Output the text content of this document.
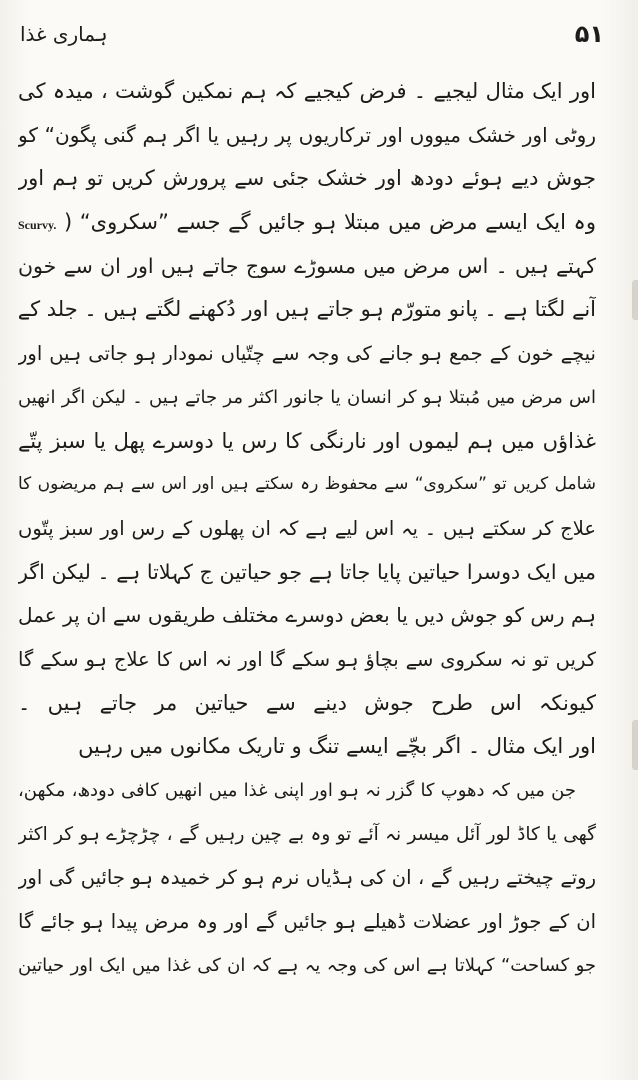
۵۱
ہماری غذا
اور ایک مثال لیجیے ۔ فرض کیجیے کہ ہم نمکین گوشت ، میدہ کی
روٹی اور خشک میووں اور ترکاریوں پر رہیں یا اگر ہم گنی پگون“ کو
جوش دیے ہوئے دودھ اور خشک جئی سے پرورش کریں تو ہم اور
وہ ایک ایسے مرض میں مبتلا ہو جائیں گے جسے ”سکروی“ ( Scurvy.
کہتے ہیں ۔ اس مرض میں مسوڑے سوج جاتے ہیں اور ان سے خون
آنے لگتا ہے ۔ پانو متورّم ہو جاتے ہیں اور دُکھنے لگتے ہیں ۔ جلد کے
نیچے خون کے جمع ہو جانے کی وجہ سے چتّیاں نمودار ہو جاتی ہیں اور
اس مرض میں مُبتلا ہو کر انسان یا جانور اکثر مر جاتے ہیں ۔ لیکن اگر انھیں
غذاؤں میں ہم لیموں اور نارنگی کا رس یا دوسرے پھل یا سبز پتّے
شامل کریں تو ”سکروی“ سے محفوظ رہ سکتے ہیں اور اس سے ہم مریضوں کا
علاج کر سکتے ہیں ۔ یہ اس لیے ہے کہ ان پھلوں کے رس اور سبز پتّوں
میں ایک دوسرا حیاتین پایا جاتا ہے جو حیاتین ج کہلاتا ہے ۔ لیکن اگر
ہم رس کو جوش دیں یا بعض دوسرے مختلف طریقوں سے ان پر عمل
کریں تو نہ سکروی سے بچاؤ ہو سکے گا اور نہ اس کا علاج ہو سکے گا
کیونکہ اس طرح جوش دینے سے حیاتین مر جاتے ہیں ۔
اور ایک مثال ۔ اگر بچّے ایسے تنگ و تاریک مکانوں میں رہیں
جن میں کہ دھوپ کا گزر نہ ہو اور اپنی غذا میں انھیں کافی دودھ، مکھن،
گھی یا کاڈ لور آئل میسر نہ آئے تو وہ بے چین رہیں گے ، چڑچڑے ہو کر اکثر
روتے چیختے رہیں گے ، ان کی ہڈیاں نرم ہو کر خمیدہ ہو جائیں گی اور
ان کے جوڑ اور عضلات ڈھیلے ہو جائیں گے اور وہ مرض پیدا ہو جائے گا
جو کساحت“ کہلاتا ہے اس کی وجہ یہ ہے کہ ان کی غذا میں ایک اور حیاتین
